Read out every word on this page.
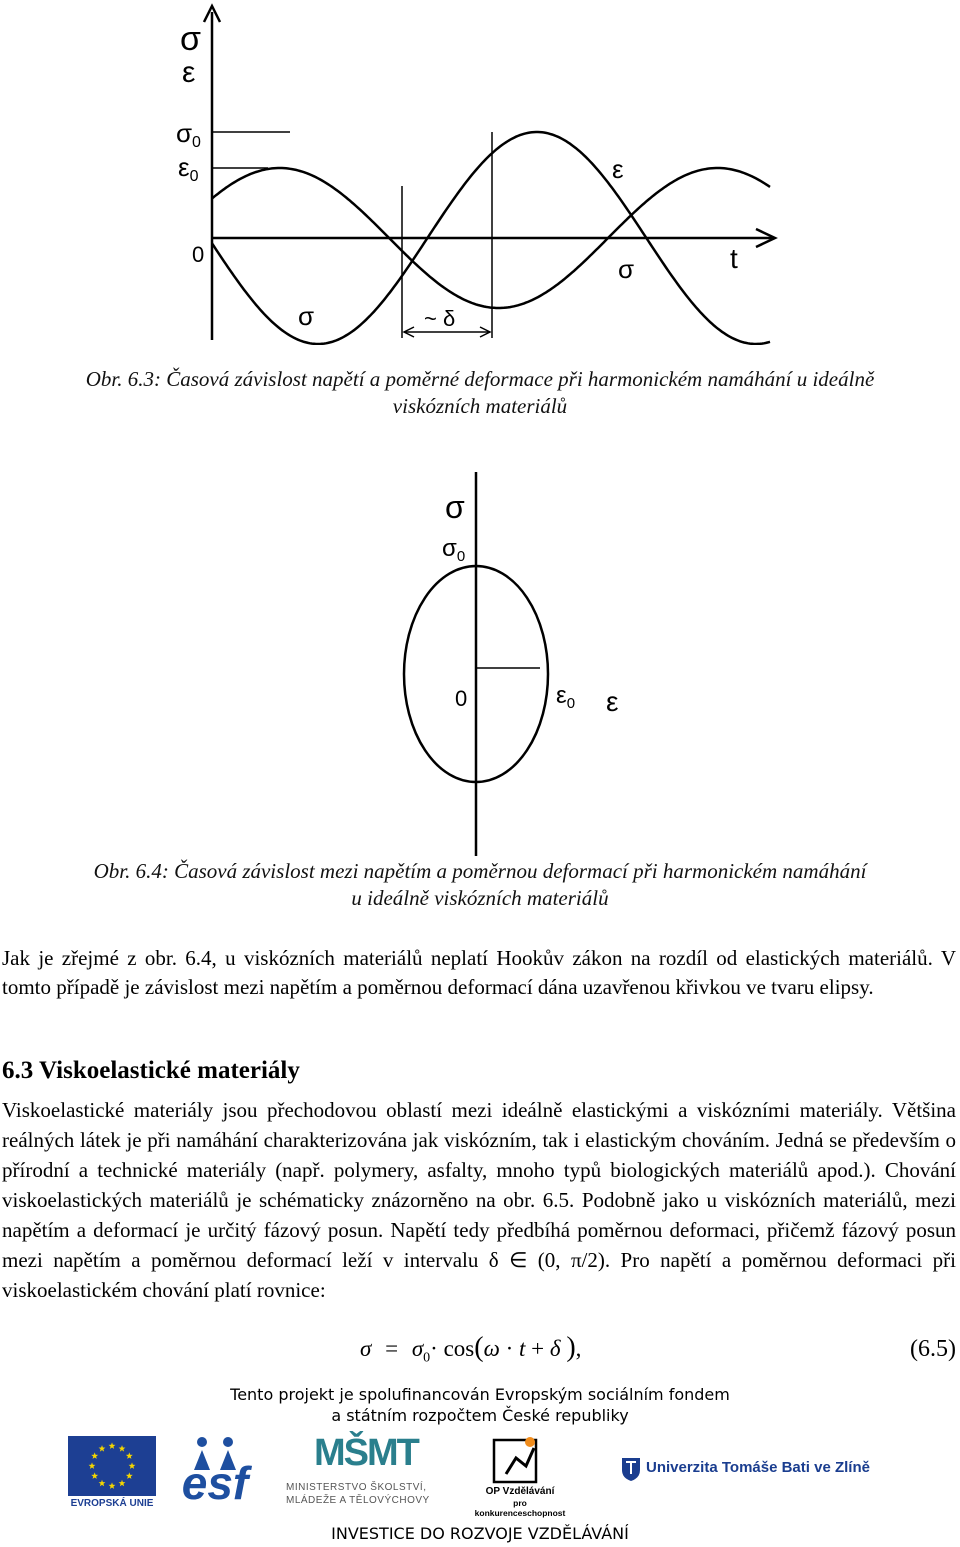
σ
ε
σ0
ε0
0	t
ε
σ
σ	~ δ
Obr. 6.3: Časová závislost napětí a poměrné deformace při harmonickém namáhání u ideálně
viskózních materiálů
σ
$\sigma_0$
0	$\varepsilon_0$ ε
Obr. 6.4: Časová závislost mezi napětím a poměrnou deformací při harmonickém namáhání
u ideálně viskózních materiálů
Jak je zřejmé z obr. 6.4, u viskózních materiálů neplatí Hookův zákon na rozdíl od elastických materiálů. V tomto případě je závislost mezi napětím a poměrnou deformací dána uzavřenou křivkou ve tvaru elipsy.
6.3 Viskoelastické materiály
Viskoelastické materiály jsou přechodovou oblastí mezi ideálně elastickými a viskózními materiály. Většina reálných látek je při namáhání charakterizována jak viskózním, tak i elastickým chováním. Jedná se především o přírodní a technické materiály (např. polymery, asfalty, mnoho typů biologických materiálů apod.). Chování viskoelastických materiálů je schématicky znázorněno na obr. 6.5. Podobně jako u viskózních materiálů, mezi napětím a deformací je určitý fázový posun. Napětí tedy předbíhá poměrnou deformaci, přičemž fázový posun mezi napětím a poměrnou deformací leží v intervalu δ ∈ (0, π/2). Pro napětí a poměrnou deformaci při viskoelastickém chování platí rovnice:
$\sigma = \sigma_0\cdot \cos(\omega \cdot t + \delta$ ),	(6.5)
Tento projekt je spolufinancován Evropským sociálním fondem
a státním rozpočtem České republiky
EVROPSKÁ UNIE esf
MŠMT
MINISTERSTVO ŠKOLSTVÍ,
MLÁDEŽE A TĚLOVÝCHOVY
OP Vzdělávání
pro konkurenceschopnost
Univerzita Tomáše Bati ve Zlíně
INVESTICE DO ROZVOJE VZDĚLÁVÁNÍ
